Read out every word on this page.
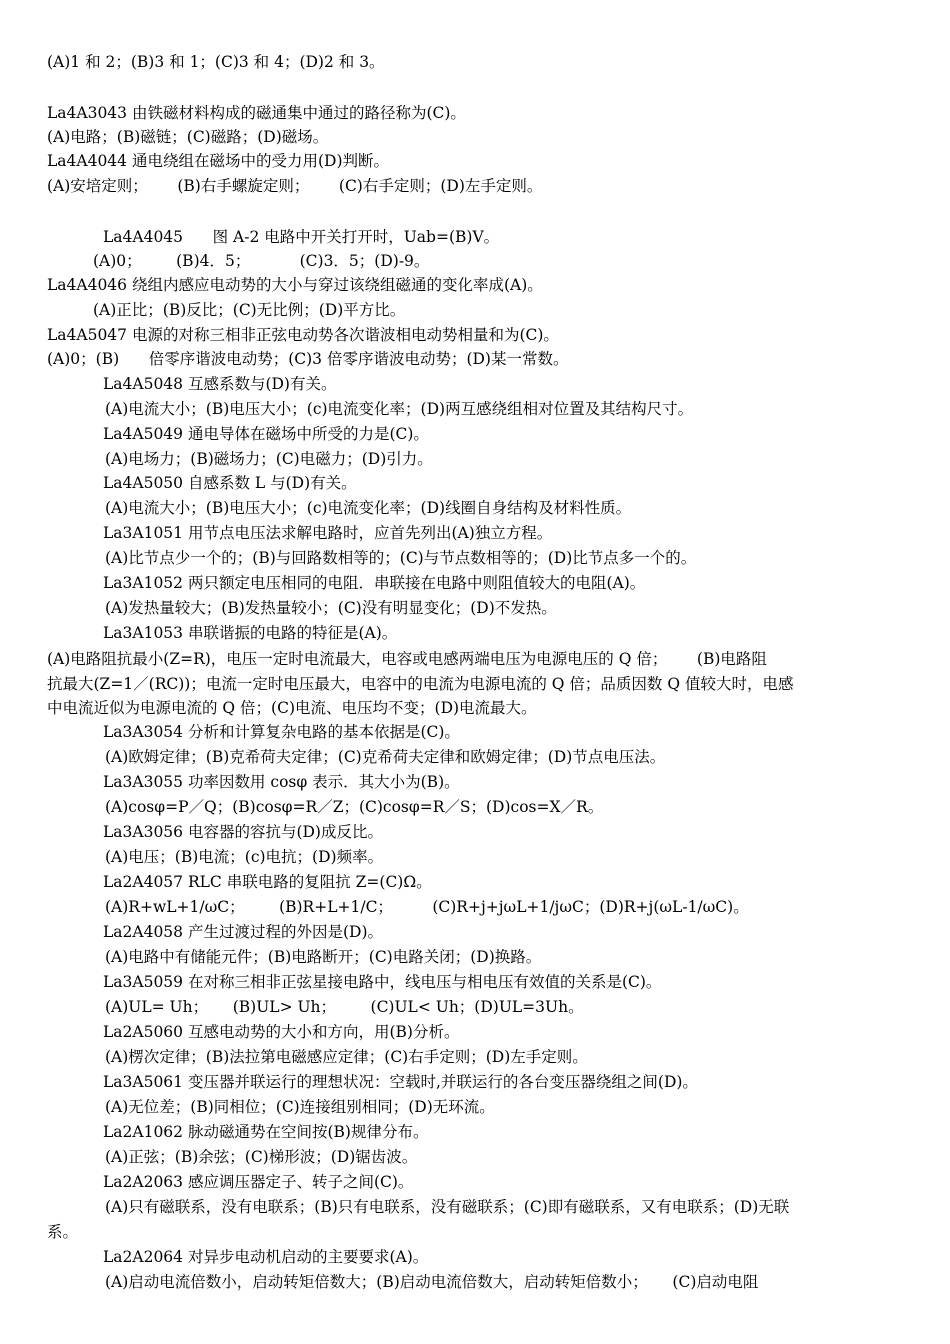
(A)1 和 2；(B)3 和 1；(C)3 和 4；(D)2 和 3。
La4A3043 由铁磁材料构成的磁通集中通过的路径称为(C)。
(A)电路；(B)磁链；(C)磁路；(D)磁场。
La4A4044 通电绕组在磁场中的受力用(D)判断。
(A)安培定则；      (B)右手螺旋定则；      (C)右手定则；(D)左手定则。
La4A4045      图 A-2 电路中开关打开时，Uab=(B)V。
(A)0；       (B)4．5；          (C)3．5；(D)-9。
La4A4046 绕组内感应电动势的大小与穿过该绕组磁通的变化率成(A)。
(A)正比；(B)反比；(C)无比例；(D)平方比。
La4A5047 电源的对称三相非正弦电动势各次谐波相电动势相量和为(C)。
(A)0；(B)      倍零序谐波电动势；(C)3 倍零序谐波电动势；(D)某一常数。
La4A5048 互感系数与(D)有关。
(A)电流大小；(B)电压大小；(c)电流变化率；(D)两互感绕组相对位置及其结构尺寸。
La4A5049 通电导体在磁场中所受的力是(C)。
(A)电场力；(B)磁场力；(C)电磁力；(D)引力。
La4A5050 自感系数 L 与(D)有关。
(A)电流大小；(B)电压大小；(c)电流变化率；(D)线圈自身结构及材料性质。
La3A1051 用节点电压法求解电路时，应首先列出(A)独立方程。
(A)比节点少一个的；(B)与回路数相等的；(C)与节点数相等的；(D)比节点多一个的。
La3A1052 两只额定电压相同的电阻．串联接在电路中则阻值较大的电阻(A)。
(A)发热量较大；(B)发热量较小；(C)没有明显变化；(D)不发热。
La3A1053 串联谐振的电路的特征是(A)。
(A)电路阻抗最小(Z=R)，电压一定时电流最大，电容或电感两端电压为电源电压的 Q 倍；      (B)电路阻
抗最大(Z=1／(RC))；电流一定时电压最大，电容中的电流为电源电流的 Q 倍；品质因数 Q 值较大时，电感
中电流近似为电源电流的 Q 倍；(C)电流、电压均不变；(D)电流最大。
La3A3054 分析和计算复杂电路的基本依据是(C)。
(A)欧姆定律；(B)克希荷夫定律；(C)克希荷夫定律和欧姆定律；(D)节点电压法。
La3A3055 功率因数用 cosφ 表示．其大小为(B)。
(A)cosφ=P／Q；(B)cosφ=R／Z；(C)cosφ=R／S；(D)cos=X／R。
La3A3056 电容器的容抗与(D)成反比。
(A)电压；(B)电流；(c)电抗；(D)频率。
La2A4057 RLC 串联电路的复阻抗 Z=(C)Ω。
(A)R+wL+1/ωC；       (B)R+L+1/C；        (C)R+j+jωL+1/jωC；(D)R+j(ωL-1/ωC)。
La2A4058 产生过渡过程的外因是(D)。
(A)电路中有储能元件；(B)电路断开；(C)电路关闭；(D)换路。
La3A5059 在对称三相非正弦星接电路中，线电压与相电压有效值的关系是(C)。
(A)UL= Uh；     (B)UL> Uh；       (C)UL< Uh；(D)UL=3Uh。
La2A5060 互感电动势的大小和方向，用(B)分析。
(A)楞次定律；(B)法拉第电磁感应定律；(C)右手定则；(D)左手定则。
La3A5061 变压器并联运行的理想状况：空载时,并联运行的各台变压器绕组之间(D)。
(A)无位差；(B)同相位；(C)连接组别相同；(D)无环流。
La2A1062 脉动磁通势在空间按(B)规律分布。
(A)正弦；(B)余弦；(C)梯形波；(D)锯齿波。
La2A2063 感应调压器定子、转子之间(C)。
(A)只有磁联系，没有电联系；(B)只有电联系，没有磁联系；(C)即有磁联系，又有电联系；(D)无联
系。
La2A2064 对异步电动机启动的主要要求(A)。
(A)启动电流倍数小，启动转矩倍数大；(B)启动电流倍数大，启动转矩倍数小；     (C)启动电阻
